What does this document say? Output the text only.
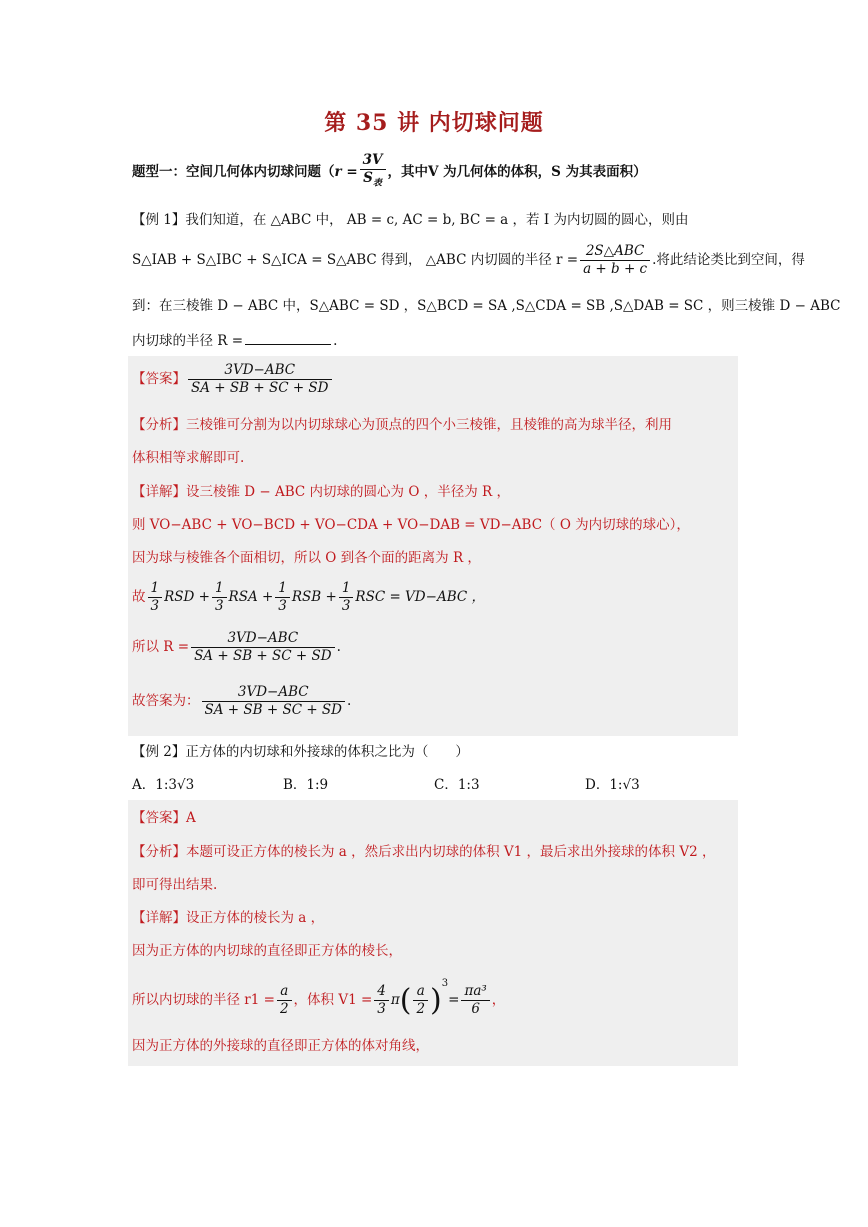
第 35 讲 内切球问题
题型一：空间几何体内切球问题（$r = \frac{3V}{S_表}$ ，其中V 为几何体的体积，S 为其表面积）
【例 1】我们知道，在 △ABC 中， AB = c, AC = b, BC = a ，若 I 为内切圆的圆心，则由
S△IAB + S△IBC + S△ICA = S△ABC 得到， △ABC 内切圆的半径 $r = \frac{\text{2S△ABC}}{a + b + c}$ .将此结论类比到空间，得
到：在三棱锥 D − ABC 中，S△ABC = SD ，S△BCD = SA ,S△CDA = SB ,S△DAB = SC ，则三棱锥 D − ABC
内切球的半径 R =	.
【答案】 $\frac{\text{3VD−ABC}}{SA + SB + SC + SD}$
【分析】三棱锥可分割为以内切球球心为顶点的四个小三棱锥，且棱锥的高为球半径，利用
体积相等求解即可.
【详解】设三棱锥 D − ABC 内切球的圆心为 O ，半径为 R ，
则 VO−ABC + VO−BCD + VO−CDA + VO−DAB = VD−ABC（ O 为内切球的球心），
因为球与棱锥各个面相切，所以 O 到各个面的距离为 R ，
故 $\frac{1}{3}$ RSD + $\frac{1}{3}$ RSA + $\frac{1}{3}$ RSB + $\frac{1}{3}$ RSC = VD−ABC ，
所以 $R = \frac{\text{3VD−ABC}}{SA + SB + SC + SD}$ .
故答案为： $\frac{\text{3VD−ABC}}{SA + SB + SC + SD}$ .
【例 2】正方体的内切球和外接球的体积之比为（　　）
A．1:3√3	B．1:9	C．1:3	D．1:√3
【答案】A
【分析】本题可设正方体的棱长为 a ，然后求出内切球的体积 V1 ，最后求出外接球的体积 V2 ，
即可得出结果.
【详解】设正方体的棱长为 a ，
因为正方体的内切球的直径即正方体的棱长，
所以内切球的半径 $r1 = \frac{a}{2}$ ，体积 $V1 = \frac{4}{3} \pi( \frac{a}{2} )^3= \frac{\text{πa³}}{6}$ ，
因为正方体的外接球的直径即正方体的体对角线，
